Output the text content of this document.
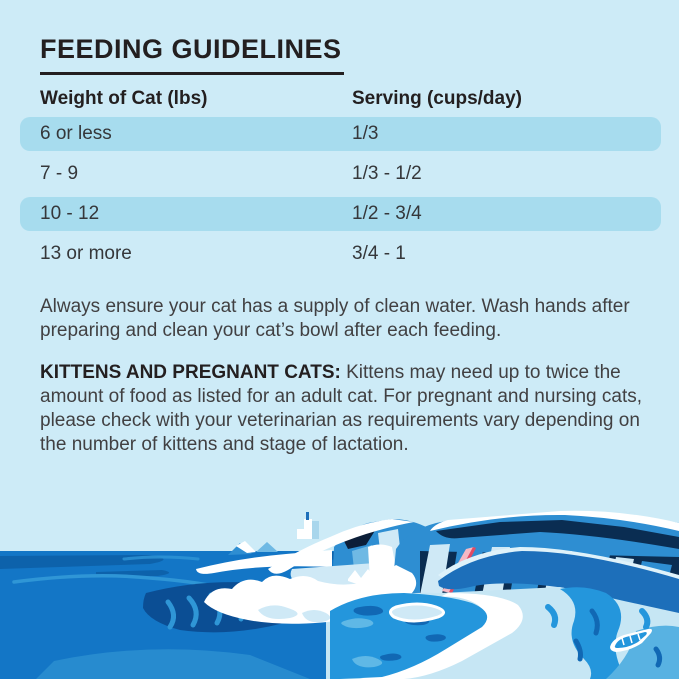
FEEDING GUIDELINES
Weight of Cat (lbs)	Serving (cups/day)
6 or less	1/3
7 - 9	1/3 - 1/2
10 - 12	1/2 - 3/4
13 or more	3/4 - 1

Always ensure your cat has a supply of clean water. Wash hands after preparing and clean your cat’s bowl after each feeding.

KITTENS AND PREGNANT CATS: Kittens may need up to twice the amount of food as listed for an adult cat. For pregnant and nursing cats, please check with your veterinarian as requirements vary depending on the number of kittens and stage of lactation.
